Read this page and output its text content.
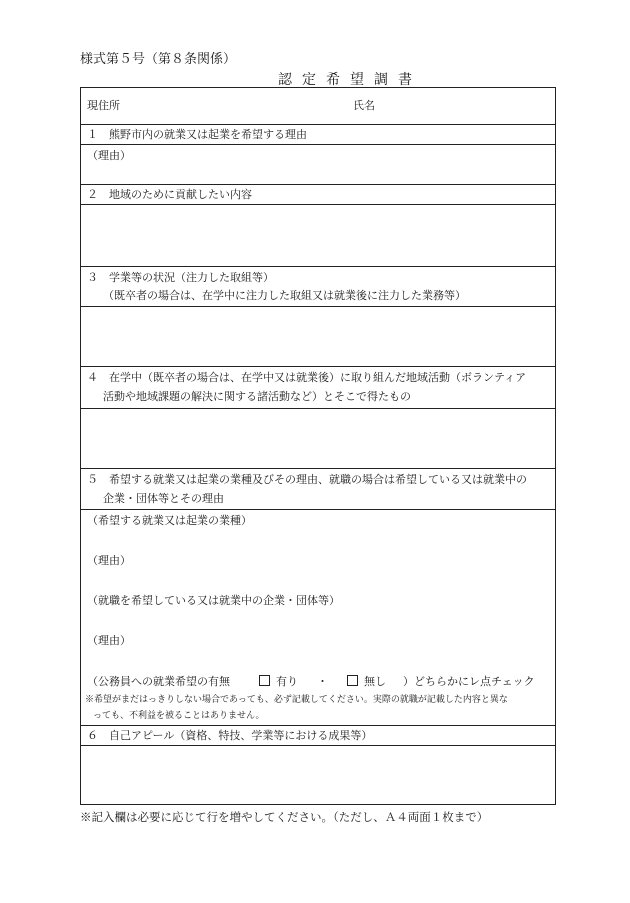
様式第５号（第８条関係）
認定希望調書
現住所	氏名
１　熊野市内の就業又は起業を希望する理由
（理由）
２　地域のために貢献したい内容
３　学業等の状況（注力した取組等）
（既卒者の場合は、在学中に注力した取組又は就業後に注力した業務等）
４　在学中（既卒者の場合は、在学中又は就業後）に取り組んだ地域活動（ボランティア
活動や地域課題の解決に関する諸活動など）とそこで得たもの
５　希望する就業又は起業の業種及びその理由、就職の場合は希望している又は就業中の
企業・団体等とその理由
（希望する就業又は起業の業種）
（理由）
（就職を希望している又は就業中の企業・団体等）
（理由）
（公務員への就業希望の有無	有り ・	無し ）どちらかにレ点チェック
※希望がまだはっきりしない場合であっても、必ず記載してください。実際の就職が記載した内容と異な
っても、不利益を被ることはありません。
６　自己アピール（資格、特技、学業等における成果等）
※記入欄は必要に応じて行を増やしてください。（ただし、Ａ４両面１枚まで）
